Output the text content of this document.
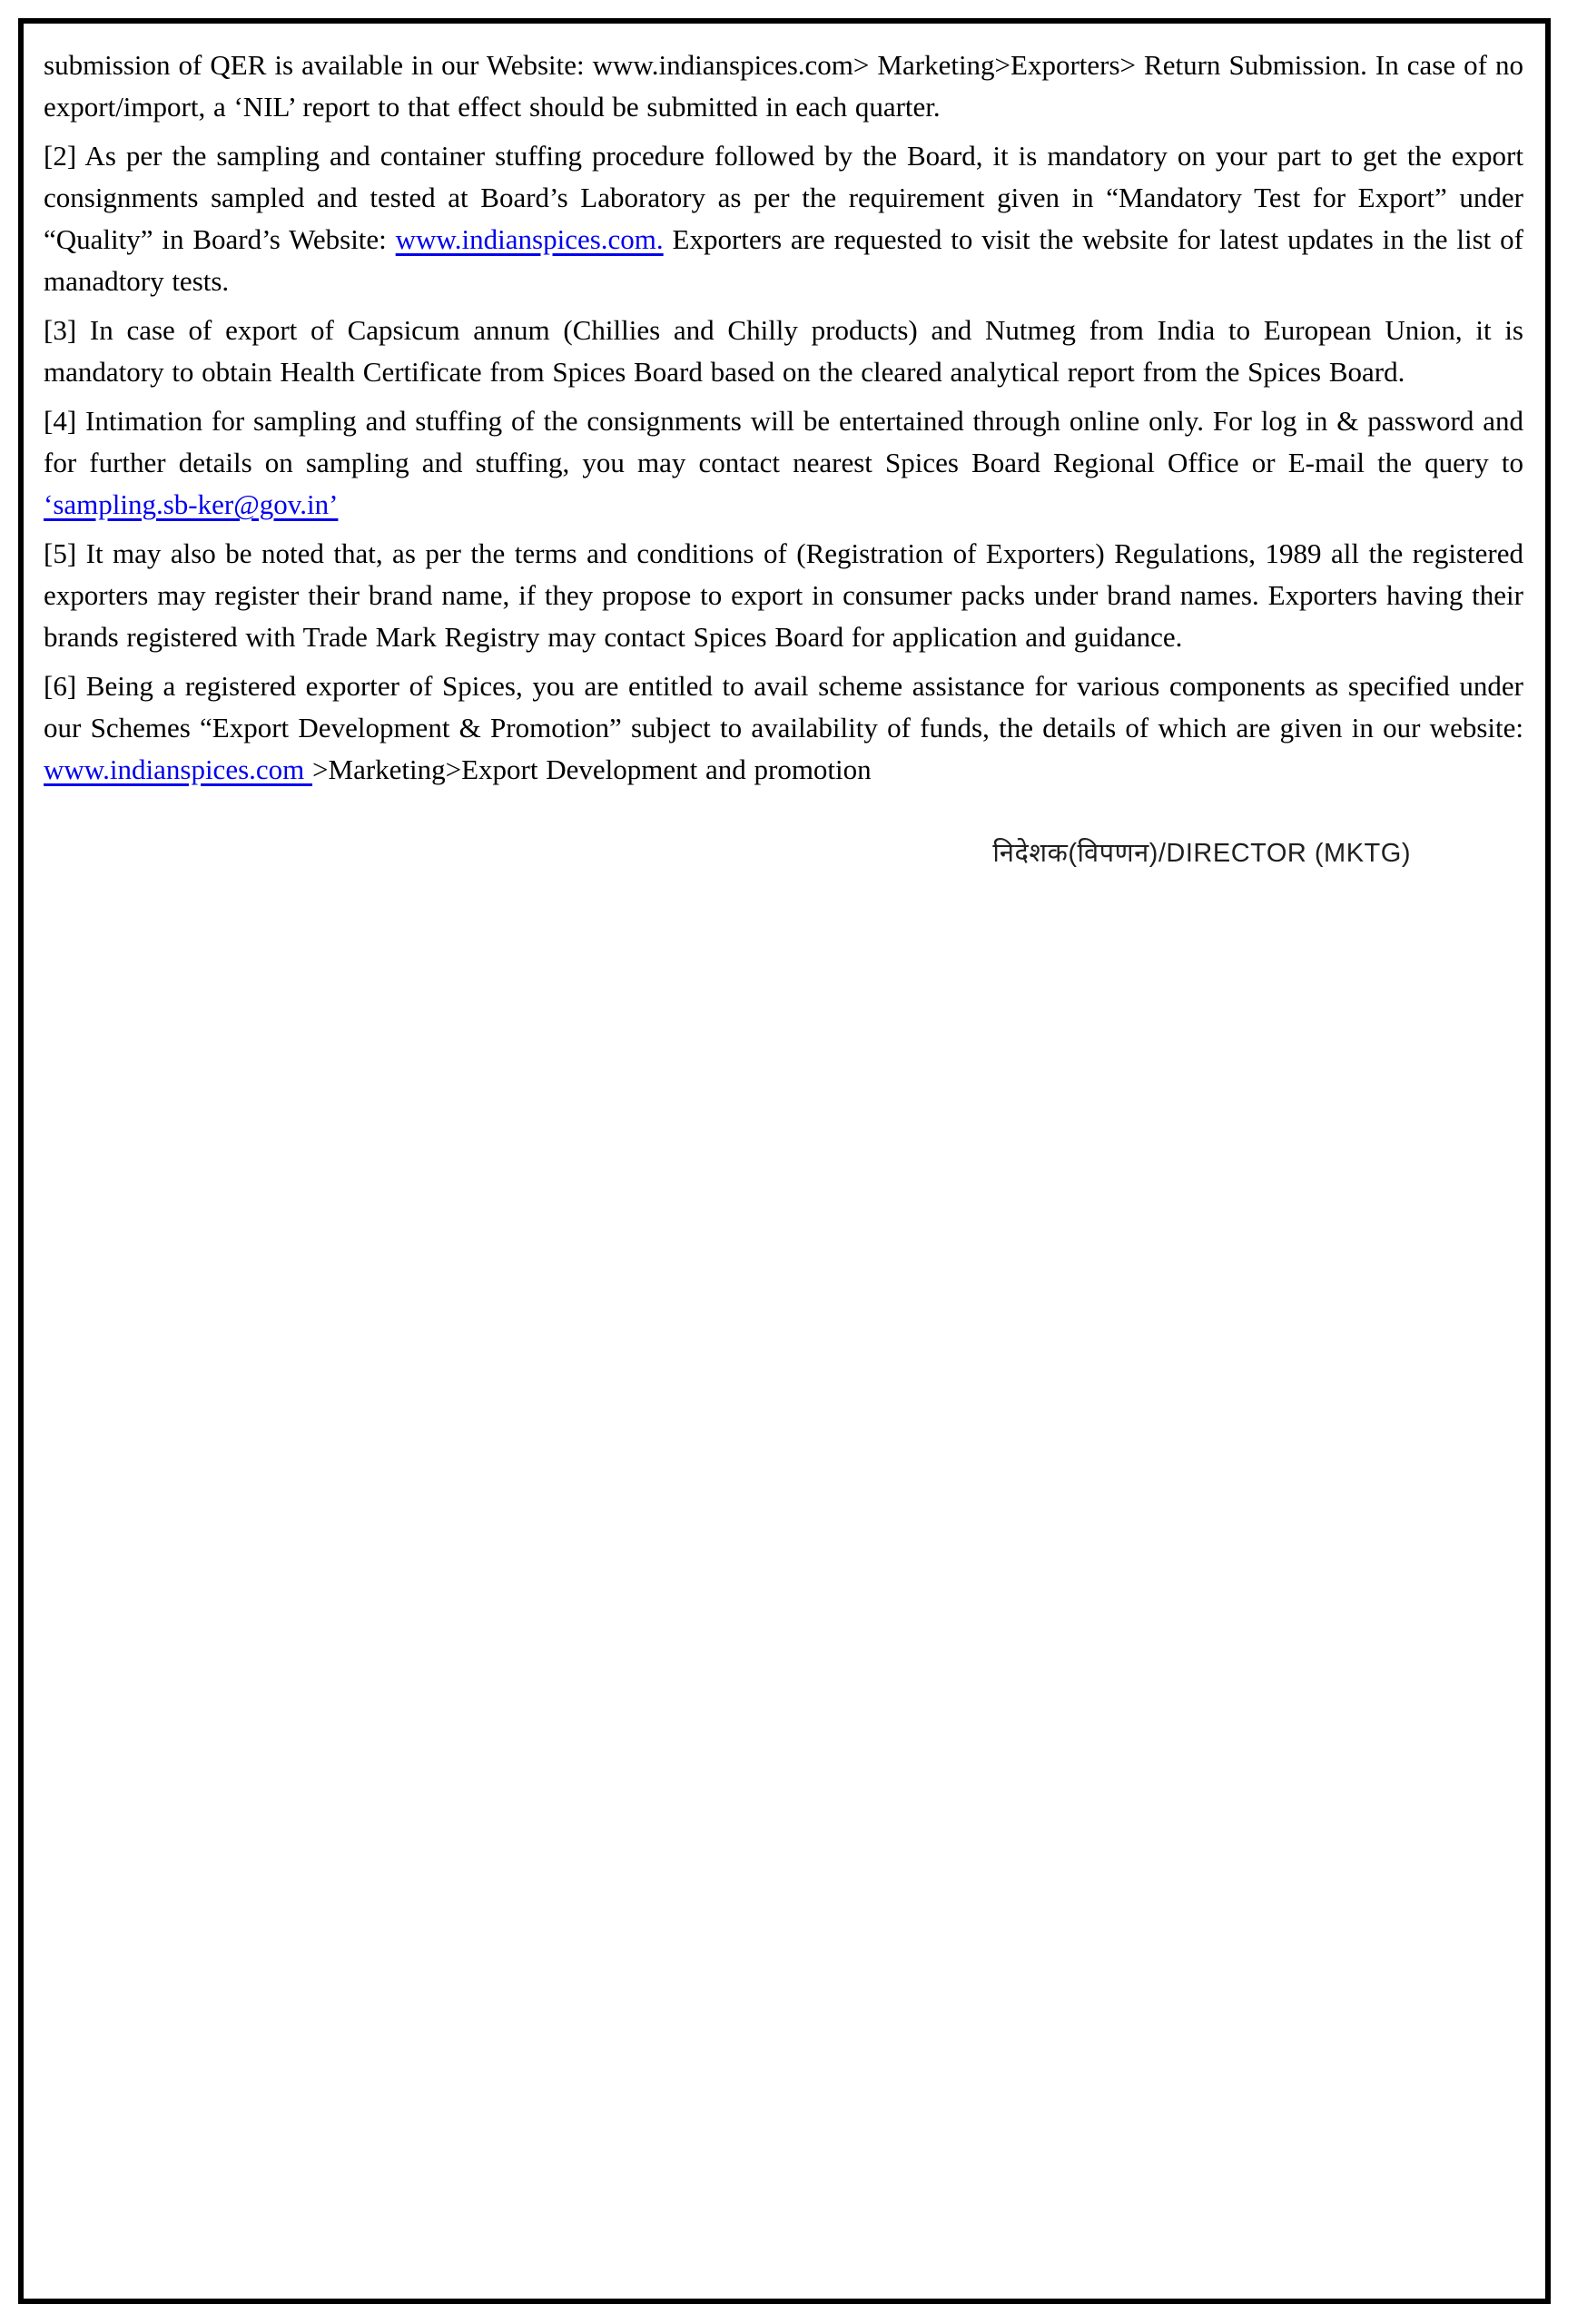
submission of QER is available in our Website: www.indianspices.com> Marketing>Exporters> Return Submission. In case of no export/import, a ‘NIL’ report to that effect should be submitted in each quarter.

[2] As per the sampling and container stuffing procedure followed by the Board, it is mandatory on your part to get the export consignments sampled and tested at Board’s Laboratory as per the requirement given in “Mandatory Test for Export” under “Quality” in Board’s Website: www.indianspices.com. Exporters are requested to visit the website for latest updates in the list of manadtory tests.

[3] In case of export of Capsicum annum (Chillies and Chilly products) and Nutmeg from India to European Union, it is mandatory to obtain Health Certificate from Spices Board based on the cleared analytical report from the Spices Board.

[4] Intimation for sampling and stuffing of the consignments will be entertained through online only. For log in & password and for further details on sampling and stuffing, you may contact nearest Spices Board Regional Office or E-mail the query to ‘sampling.sb-ker@gov.in’

[5] It may also be noted that, as per the terms and conditions of (Registration of Exporters) Regulations, 1989 all the registered exporters may register their brand name, if they propose to export in consumer packs under brand names. Exporters having their brands registered with Trade Mark Registry may contact Spices Board for application and guidance.

[6] Being a registered exporter of Spices, you are entitled to avail scheme assistance for various components as specified under our Schemes “Export Development & Promotion” subject to availability of funds, the details of which are given in our website: www.indianspices.com >Marketing>Export Development and promotion

निदेशक(विपणन)/DIRECTOR (MKTG)
